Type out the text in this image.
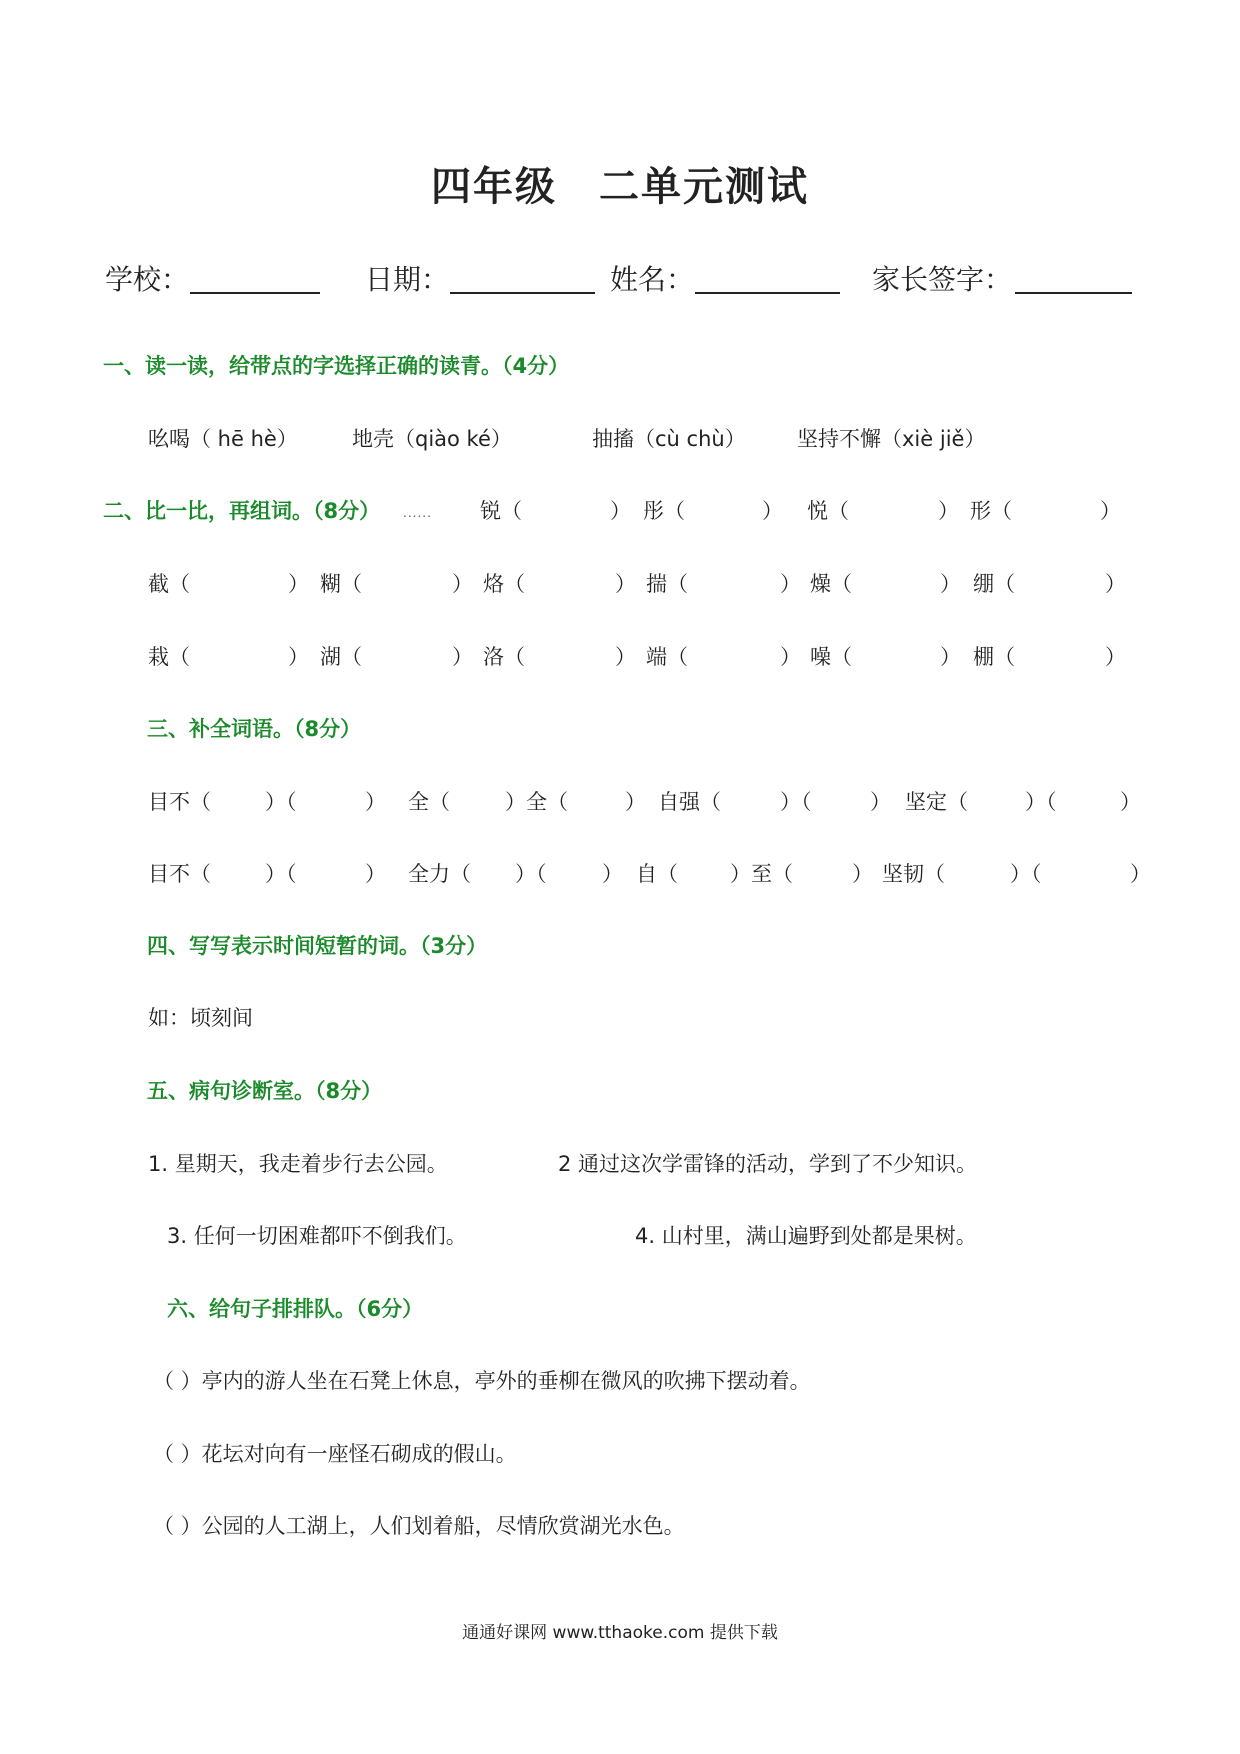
四年级　二单元测试
学校：	日期：	姓名：	家长签字：
一、读一读，给带点的字选择正确的读青。（4分）
吆喝（ hē hè）	地壳（qiào ké）	抽搐（cù chù） 坚持不懈（xiè jiě）
二、比一比，再组词。（8分） ...... 锐（	） 彤（	） 悦（	） 形（	）
截（	） 糊（	） 烙（	） 揣（	） 燥（	） 绷（	）
栽（	） 湖（	） 洛（	） 端（	） 噪（	） 棚（	）
三、补全词语。（8分）
目不（	）（	） 全（	）全（	） 自强（	）（	） 坚定（	）（	）
目不（	）（	） 全力（ ）（	） 自（ ）至（	） 坚韧（	）（	）
四、写写表示时间短暂的词。（3分）
如：顷刻间
五、病句诊断室。（8分）
1. 星期天，我走着步行去公园。	2 通过这次学雷锋的活动，学到了不少知识。
3. 任何一切困难都吓不倒我们。	4. 山村里，满山遍野到处都是果树。
六、给句子排排队。（6分）
（ ）亭内的游人坐在石凳上休息，亭外的垂柳在微风的吹拂下摆动着。
（ ）花坛对向有一座怪石砌成的假山。
（ ）公园的人工湖上，人们划着船，尽情欣赏湖光水色。
通通好课网 www.tthaoke.com 提供下载
